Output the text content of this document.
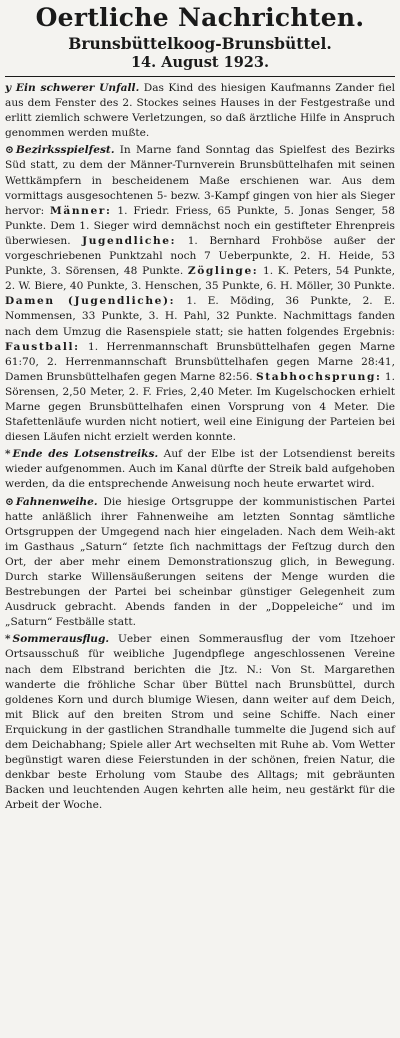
Oertliche Nachrichten.
Brunsbüttelkoog-Brunsbüttel.
14. August 1923.

y Ein schwerer Unfall. Das Kind des hiesigen Kaufmanns Zander fiel aus dem Fenster des 2. Stockes seines Hauses in der Festgestraße und erlitt ziemlich schwere Verletzungen, so daß ärztliche Hilfe in Anspruch genommen werden mußte.

⊙ Bezirksspielfest. In Marne fand Sonntag das Spielfest des Bezirks Süd statt, zu dem der Männer-Turnverein Brunsbüttelhafen mit seinen Wettkämpfern in bescheidenem Maße erschienen war. Aus dem vormittags ausgesochtenen 5- bezw. 3-Kampf gingen von hier als Sieger hervor: Männer: 1. Friedr. Friess, 65 Punkte, 5. Jonas Senger, 58 Punkte. Dem 1. Sieger wird demnächst noch ein gestifteter Ehrenpreis überwiesen. Jugendliche: 1. Bernhard Frohböse außer der vorgeschriebenen Punktzahl noch 7 Ueberpunkte, 2. H. Heide, 53 Punkte, 3. Sörensen, 48 Punkte. Zöglinge: 1. K. Peters, 54 Punkte, 2. W. Biere, 40 Punkte, 3. Henschen, 35 Punkte, 6. H. Möller, 30 Punkte. Damen (Jugendliche): 1. E. Möding, 36 Punkte, 2. E. Nommensen, 33 Punkte, 3. H. Pahl, 32 Punkte. Nachmittags fanden nach dem Umzug die Rasenspiele statt; sie hatten folgendes Ergebnis: Faustball: 1. Herrenmannschaft Brunsbüttelhafen gegen Marne 61:70, 2. Herrenmannschaft Brunsbüttelhafen gegen Marne 28:41, Damen Brunsbüttelhafen gegen Marne 82:56. Stabhochsprung: 1. Sörensen, 2,50 Meter, 2. F. Fries, 2,40 Meter. Im Kugelschocken erhielt Marne gegen Brunsbüttelhafen einen Vorsprung von 4 Meter. Die Stafettenläufe wurden nicht notiert, weil eine Einigung der Parteien bei diesen Läufen nicht erzielt werden konnte.

* Ende des Lotsenstreiks. Auf der Elbe ist der Lotsendienst bereits wieder aufgenommen. Auch im Kanal dürfte der Streik bald aufgehoben werden, da die entsprechende Anweisung noch heute erwartet wird.

⊙ Fahnenweihe. Die hiesige Ortsgruppe der kommunistischen Partei hatte anläßlich ihrer Fahnenweihe am letzten Sonntag sämtliche Ortsgruppen der Umgegend nach hier eingeladen. Nach dem Weih-akt im Gasthaus „Saturn“ ſetzte ſich nachmittags der Feſtzug durch den Ort, der aber mehr einem Demonstrationszug glich, in Bewegung. Durch starke Willensäußerungen seitens der Menge wurden die Bestrebungen der Partei bei scheinbar günstiger Gelegenheit zum Ausdruck gebracht. Abends fanden in der „Doppeleiche“ und im „Saturn“ Festbälle statt.

* Sommerausflug. Ueber einen Sommerausflug der vom Itzehoer Ortsausschuß für weibliche Jugendpflege angeschlossenen Vereine nach dem Elbstrand berichten die Jtz. N.: Von St. Margarethen wanderte die fröhliche Schar über Büttel nach Brunsbüttel, durch goldenes Korn und durch blumige Wiesen, dann weiter auf dem Deich, mit Blick auf den breiten Strom und seine Schiffe. Nach einer Erquickung in der gastlichen Strandhalle tummelte die Jugend sich auf dem Deichabhang; Spiele aller Art wechselten mit Ruhe ab. Vom Wetter begünstigt waren diese Feierstunden in der schönen, freien Natur, die denkbar beste Erholung vom Staube des Alltags; mit gebräunten Backen und leuchtenden Augen kehrten alle heim, neu gestärkt für die Arbeit der Woche.
